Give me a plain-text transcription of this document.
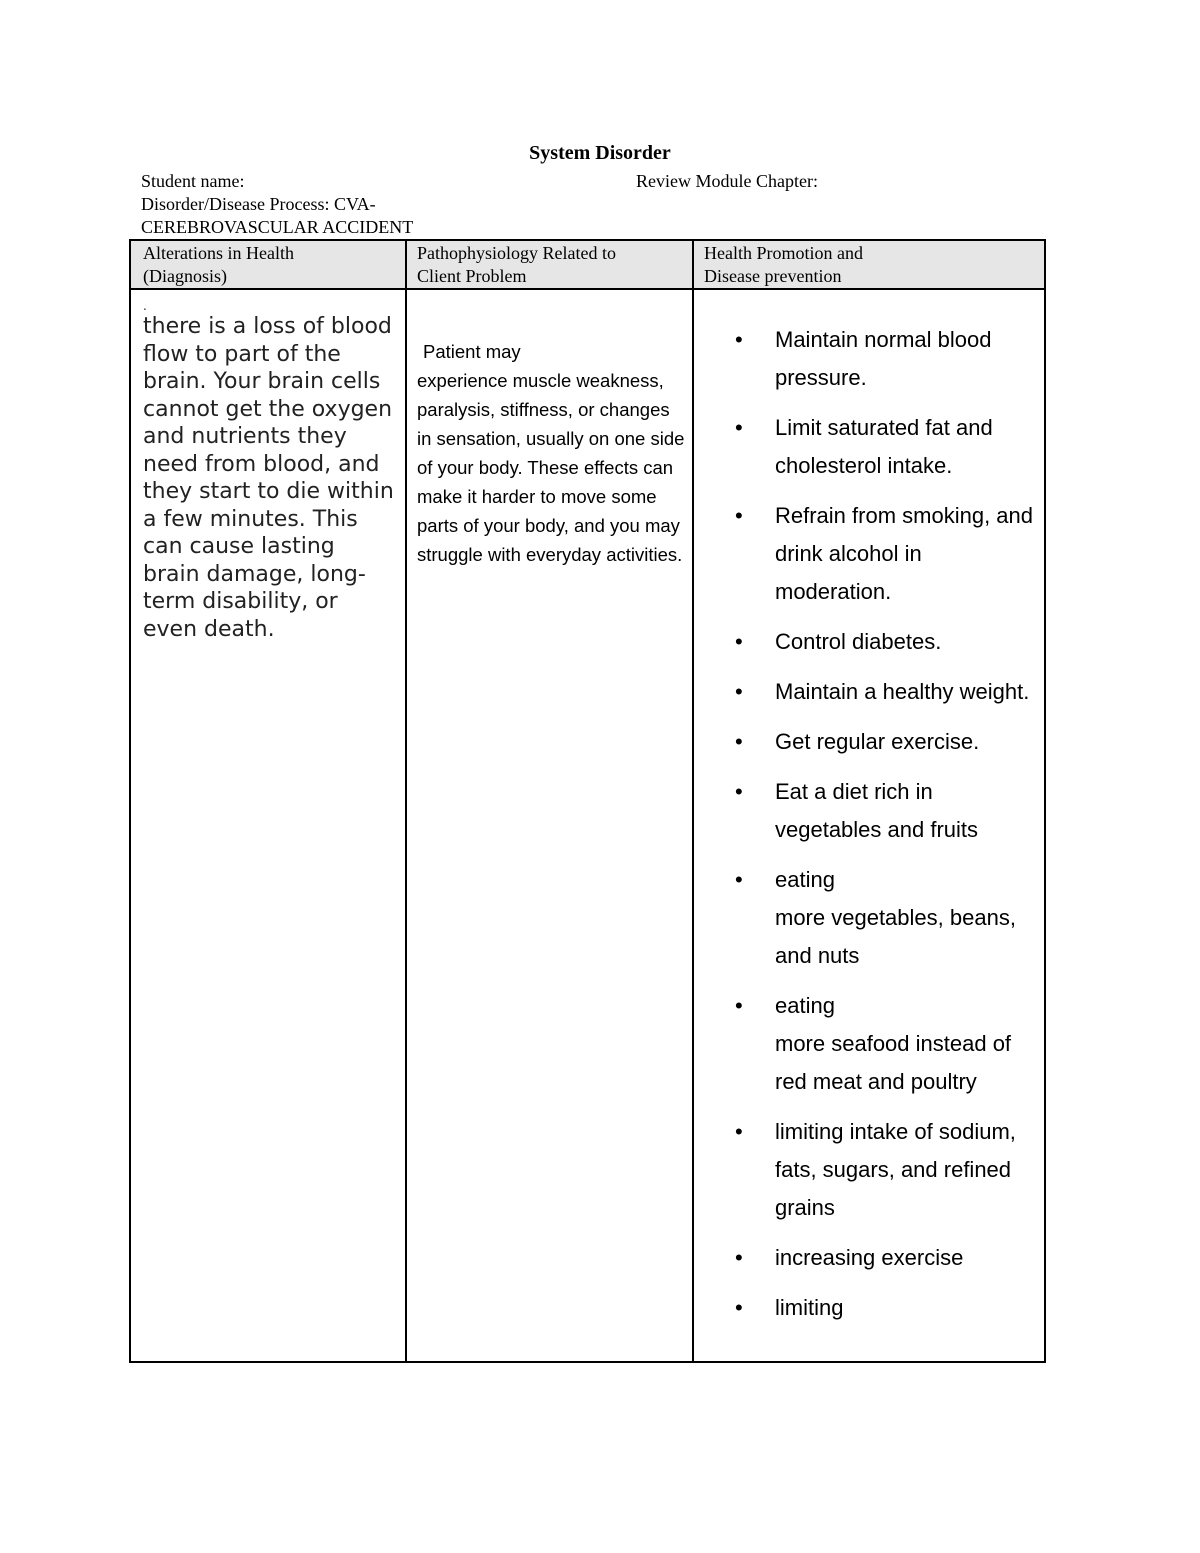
System Disorder
Student name:	Review Module Chapter:
Disorder/Disease Process: CVA-
CEREBROVASCULAR ACCIDENT
Alterations in Health
(Diagnosis)
Pathophysiology Related to
Client Problem
Health Promotion and
Disease prevention
.
there is a loss of blood flow to part of the brain. Your brain cells cannot get the oxygen and nutrients they need from blood, and they start to die within a few minutes. This can cause lasting brain damage, long-term disability, or even death.
Patient may
experience muscle weakness, paralysis, stiffness, or changes in sensation, usually on one side of your body. These effects can make it harder to move some parts of your body, and you may struggle with everyday activities.
• Maintain normal blood pressure.
• Limit saturated fat and cholesterol intake.
• Refrain from smoking, and drink alcohol in moderation.
• Control diabetes.
• Maintain a healthy weight.
• Get regular exercise.
• Eat a diet rich in vegetables and fruits
• eating
more vegetables, beans, and nuts
• eating
more seafood instead of red meat and poultry
• limiting intake of sodium, fats, sugars, and refined grains
• increasing exercise
• limiting
